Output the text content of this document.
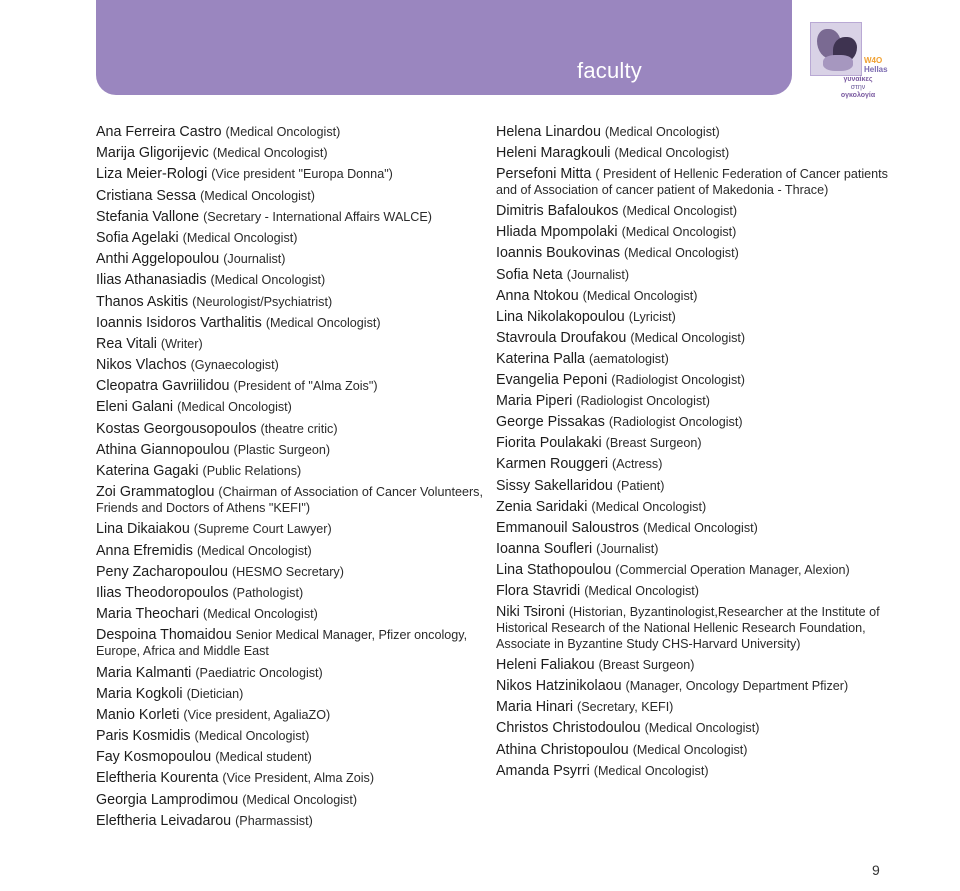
faculty	W4O
Hellas
γυναίκες
στην
ογκολογία
Ana Ferreira Castro (Medical Oncologist)
Marija Gligorijevic (Medical Oncologist)
Liza Meier-Rologi (Vice president "Europa Donna")
Cristiana Sessa (Medical Oncologist)
Stefania Vallone (Secretary - International Affairs WALCE)
Sofia Agelaki (Medical Oncologist)
Anthi Aggelopoulou (Journalist)
Ilias Athanasiadis (Medical Oncologist)
Thanos Askitis (Neurologist/Psychiatrist)
Ioannis Isidoros Varthalitis (Medical Oncologist)
Rea Vitali (Writer)
Nikos Vlachos (Gynaecologist)
Cleopatra Gavriilidou (President of "Alma Zois")
Eleni Galani (Medical Oncologist)
Kostas Georgousopoulos (theatre critic)
Athina Giannopoulou (Plastic Surgeon)
Katerina Gagaki (Public Relations)
Zoi Grammatoglou (Chairman of Association of Cancer Volunteers, Friends and Doctors of Athens "KEFI")
Lina Dikaiakou (Supreme Court Lawyer)
Anna Efremidis (Medical Oncologist)
Peny Zacharopoulou (HESMO Secretary)
Ilias Theodoropoulos (Pathologist)
Maria Theochari (Medical Oncologist)
Despoina Thomaidou Senior Medical Manager, Pfizer oncology, Europe, Africa and Middle East
Maria Kalmanti (Paediatric Oncologist)
Maria Kogkoli (Dietician)
Manio Korleti (Vice president, AgaliaZO)
Paris Kosmidis (Medical Oncologist)
Fay Kosmopoulou (Medical student)
Eleftheria Kourenta (Vice President, Alma Zois)
Georgia Lamprodimou (Medical Oncologist)
Eleftheria Leivadarou (Pharmassist)
Helena Linardou (Medical Oncologist)
Heleni Maragkouli (Medical Oncologist)
Persefoni Mitta ( President of Hellenic Federation of Cancer patients and of Association of cancer patient of Makedonia - Thrace)
Dimitris Bafaloukos (Medical Oncologist)
Hliada Mpompolaki (Medical Oncologist)
Ioannis Boukovinas (Medical Oncologist)
Sofia Neta (Journalist)
Anna Ntokou (Medical Oncologist)
Lina Nikolakopoulou (Lyricist)
Stavroula Droufakou (Medical Oncologist)
Katerina Palla (aematologist)
Evangelia Peponi (Radiologist Oncologist)
Maria Piperi (Radiologist Oncologist)
George Pissakas (Radiologist Oncologist)
Fiorita Poulakaki (Breast Surgeon)
Karmen Rouggeri (Actress)
Sissy Sakellaridou (Patient)
Zenia Saridaki (Medical Oncologist)
Emmanouil Saloustros (Medical Oncologist)
Ioanna Soufleri (Journalist)
Lina Stathopoulou (Commercial Operation Manager, Alexion)
Flora Stavridi (Medical Oncologist)
Niki Tsironi (Historian, Byzantinologist,Researcher at the Institute of Historical Research of the National Hellenic Research Foundation, Associate in Byzantine Study CHS-Harvard University)
Heleni Faliakou (Breast Surgeon)
Nikos Hatzinikolaou (Manager, Oncology Department Pfizer)
Maria Hinari (Secretary, KEFI)
Christos Christodoulou (Medical Oncologist)
Athina Christopoulou (Medical Oncologist)
Amanda Psyrri (Medical Oncologist)
9
